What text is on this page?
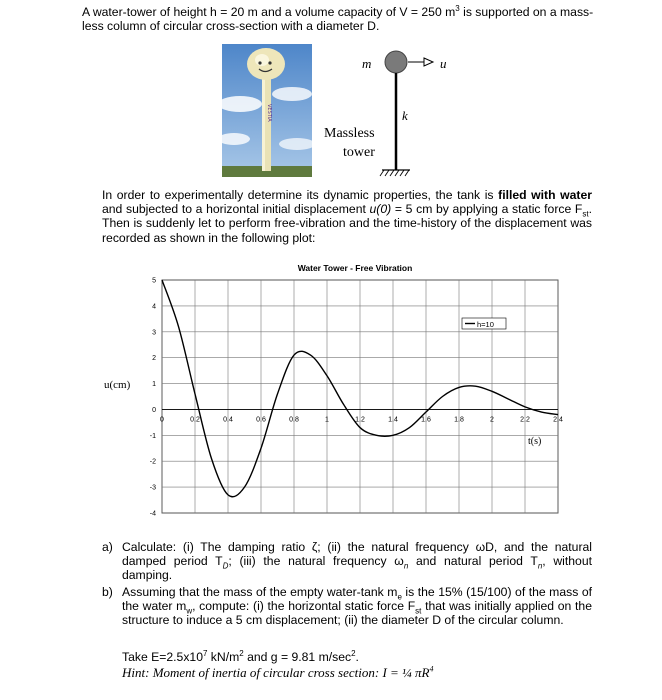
A water-tower of height h = 20 m and a volume capacity of V = 250 $m^3$ is supported on a mass-less column of circular cross-section with a diameter D.
VESTIA
m	u
k
Massless
tower
In order to experimentally determine its dynamic properties, the tank is filled with water and subjected to a horizontal initial displacement u(0) = 5 cm by applying a static force $F_{st}$. Then is suddenly let to perform free-vibration and the time-history of the displacement was recorded as shown in the following plot:
Water Tower - Free Vibration
5
4
3
2
1
0
-1
-2
-3
-4
0	0.2	0.4	0.6	0.8	1	1.2	1.4	1.6	1.8	2	2.2	2.4
u(cm)
t(s)
h=10
a) Calculate: (i) The damping ratio ζ; (ii) the natural frequency ωD, and the natural damped period $T_D$; (iii) the natural frequency $\omega_n$ and natural period $T_n$, without damping.
b) Assuming that the mass of the empty water-tank $m_e$ is the 15% (15/100) of the mass of the water $m_w$, compute: (i) the horizontal static force $F_{st}$ that was initially applied on the structure to induce a 5 cm displacement; (ii) the diameter D of the circular column.
Take $E=2.5x10^7$ $kN/m^2$ and g = 9.81 $m/\sec^2$.
Hint: Moment of inertia of circular cross section: I = ¼ $\pi R^4$
